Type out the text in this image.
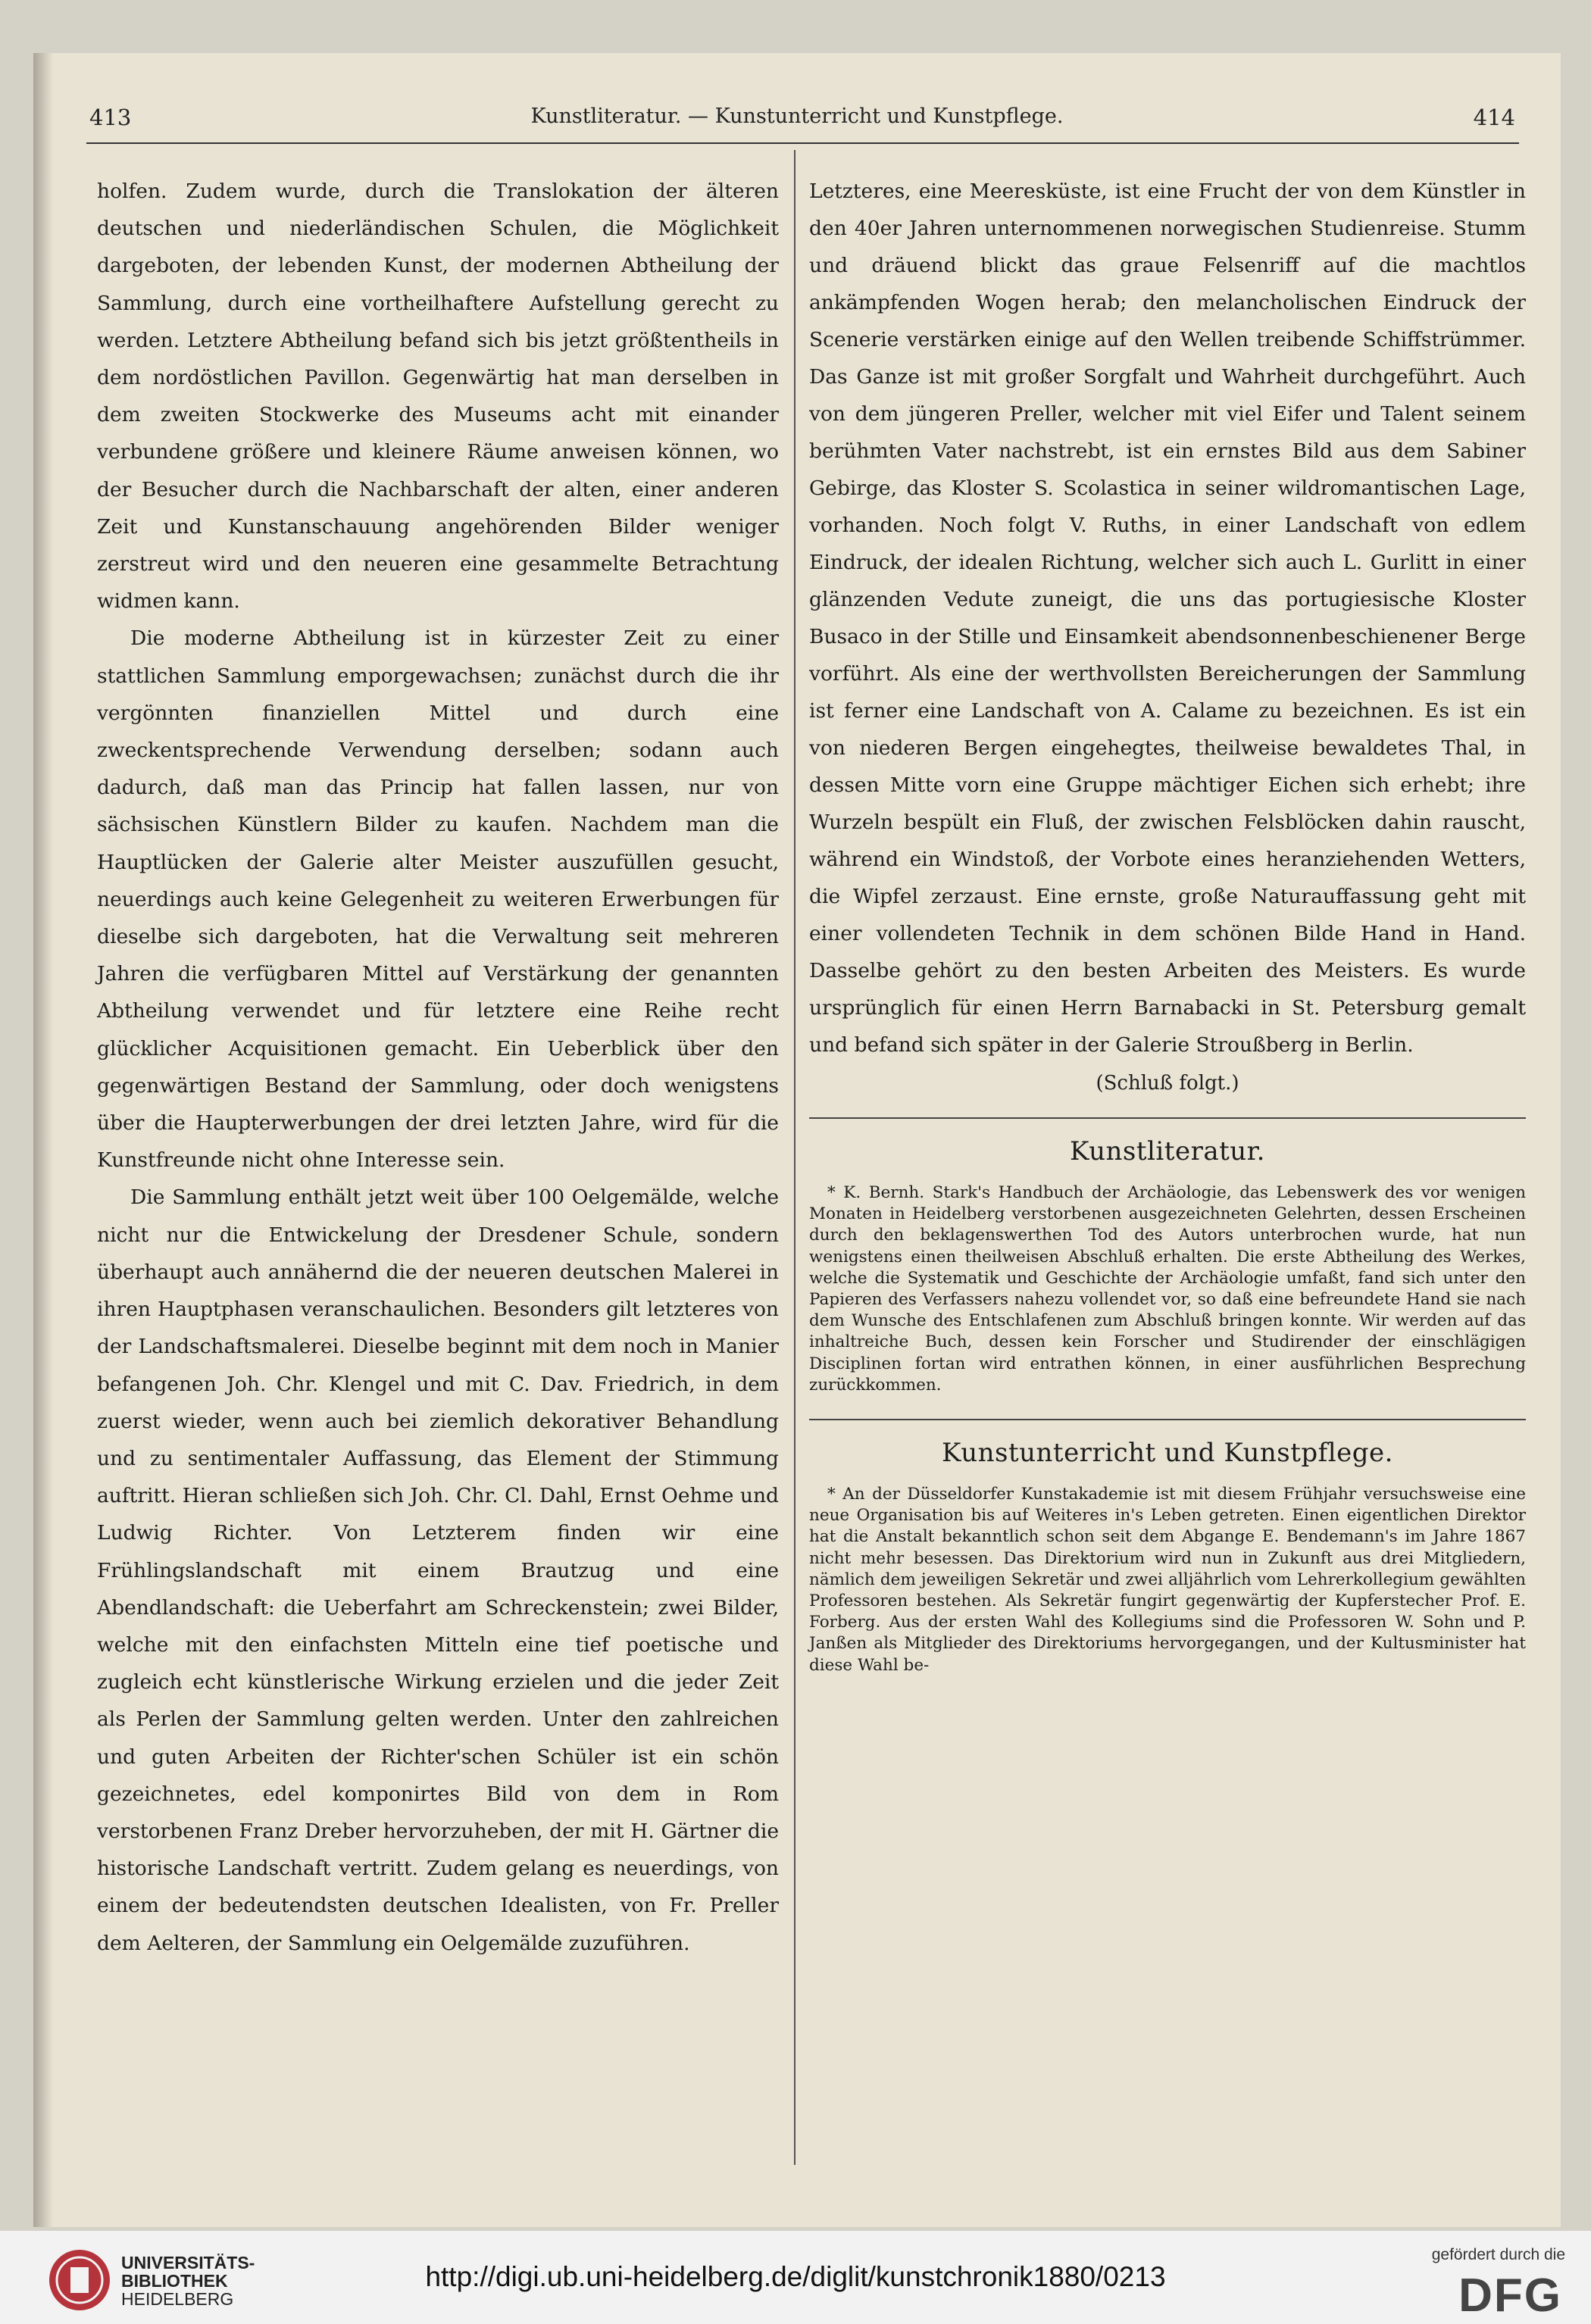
413	Kunstliteratur. — Kunstunterricht und Kunstpflege.	414

holfen. Zudem wurde, durch die Translokation der älteren deutschen und niederländischen Schulen, die Möglichkeit dargeboten, der lebenden Kunst, der modernen Abtheilung der Sammlung, durch eine vortheilhaftere Aufstellung gerecht zu werden. Letztere Abtheilung befand sich bis jetzt größtentheils in dem nordöstlichen Pavillon. Gegenwärtig hat man derselben in dem zweiten Stockwerke des Museums acht mit einander verbundene größere und kleinere Räume anweisen können, wo der Besucher durch die Nachbarschaft der alten, einer anderen Zeit und Kunstanschauung angehörenden Bilder weniger zerstreut wird und den neueren eine gesammelte Betrachtung widmen kann.

Die moderne Abtheilung ist in kürzester Zeit zu einer stattlichen Sammlung emporgewachsen; zunächst durch die ihr vergönnten finanziellen Mittel und durch eine zweckentsprechende Verwendung derselben; sodann auch dadurch, daß man das Princip hat fallen lassen, nur von sächsischen Künstlern Bilder zu kaufen. Nachdem man die Hauptlücken der Galerie alter Meister auszufüllen gesucht, neuerdings auch keine Gelegenheit zu weiteren Erwerbungen für dieselbe sich dargeboten, hat die Verwaltung seit mehreren Jahren die verfügbaren Mittel auf Verstärkung der genannten Abtheilung verwendet und für letztere eine Reihe recht glücklicher Acquisitionen gemacht. Ein Ueberblick über den gegenwärtigen Bestand der Sammlung, oder doch wenigstens über die Haupterwerbungen der drei letzten Jahre, wird für die Kunstfreunde nicht ohne Interesse sein.

Die Sammlung enthält jetzt weit über 100 Oelgemälde, welche nicht nur die Entwickelung der Dresdener Schule, sondern überhaupt auch annähernd die der neueren deutschen Malerei in ihren Hauptphasen veranschaulichen. Besonders gilt letzteres von der Landschaftsmalerei. Dieselbe beginnt mit dem noch in Manier befangenen Joh. Chr. Klengel und mit C. Dav. Friedrich, in dem zuerst wieder, wenn auch bei ziemlich dekorativer Behandlung und zu sentimentaler Auffassung, das Element der Stimmung auftritt. Hieran schließen sich Joh. Chr. Cl. Dahl, Ernst Oehme und Ludwig Richter. Von Letzterem finden wir eine Frühlingslandschaft mit einem Brautzug und eine Abendlandschaft: die Ueberfahrt am Schreckenstein; zwei Bilder, welche mit den einfachsten Mitteln eine tief poetische und zugleich echt künstlerische Wirkung erzielen und die jeder Zeit als Perlen der Sammlung gelten werden. Unter den zahlreichen und guten Arbeiten der Richter'schen Schüler ist ein schön gezeichnetes, edel komponirtes Bild von dem in Rom verstorbenen Franz Dreber hervorzuheben, der mit H. Gärtner die historische Landschaft vertritt. Zudem gelang es neuerdings, von einem der bedeutendsten deutschen Idealisten, von Fr. Preller dem Aelteren, der Sammlung ein Oelgemälde zuzuführen.

Letzteres, eine Meeresküste, ist eine Frucht der von dem Künstler in den 40er Jahren unternommenen norwegischen Studienreise. Stumm und dräuend blickt das graue Felsenriff auf die machtlos ankämpfenden Wogen herab; den melancholischen Eindruck der Scenerie verstärken einige auf den Wellen treibende Schiffstrümmer. Das Ganze ist mit großer Sorgfalt und Wahrheit durchgeführt. Auch von dem jüngeren Preller, welcher mit viel Eifer und Talent seinem berühmten Vater nachstrebt, ist ein ernstes Bild aus dem Sabiner Gebirge, das Kloster S. Scolastica in seiner wildromantischen Lage, vorhanden. Noch folgt V. Ruths, in einer Landschaft von edlem Eindruck, der idealen Richtung, welcher sich auch L. Gurlitt in einer glänzenden Vedute zuneigt, die uns das portugiesische Kloster Busaco in der Stille und Einsamkeit abendsonnenbeschienener Berge vorführt. Als eine der werthvollsten Bereicherungen der Sammlung ist ferner eine Landschaft von A. Calame zu bezeichnen. Es ist ein von niederen Bergen eingehegtes, theilweise bewaldetes Thal, in dessen Mitte vorn eine Gruppe mächtiger Eichen sich erhebt; ihre Wurzeln bespült ein Fluß, der zwischen Felsblöcken dahin rauscht, während ein Windstoß, der Vorbote eines heranziehenden Wetters, die Wipfel zerzaust. Eine ernste, große Naturauffassung geht mit einer vollendeten Technik in dem schönen Bilde Hand in Hand. Dasselbe gehört zu den besten Arbeiten des Meisters. Es wurde ursprünglich für einen Herrn Barnabacki in St. Petersburg gemalt und befand sich später in der Galerie Stroußberg in Berlin.

(Schluß folgt.)
Kunstliteratur.

* K. Bernh. Stark's Handbuch der Archäologie, das Lebenswerk des vor wenigen Monaten in Heidelberg verstorbenen ausgezeichneten Gelehrten, dessen Erscheinen durch den beklagenswerthen Tod des Autors unterbrochen wurde, hat nun wenigstens einen theilweisen Abschluß erhalten. Die erste Abtheilung des Werkes, welche die Systematik und Geschichte der Archäologie umfaßt, fand sich unter den Papieren des Verfassers nahezu vollendet vor, so daß eine befreundete Hand sie nach dem Wunsche des Entschlafenen zum Abschluß bringen konnte. Wir werden auf das inhaltreiche Buch, dessen kein Forscher und Studirender der einschlägigen Disciplinen fortan wird entrathen können, in einer ausführlichen Besprechung zurückkommen.

Kunstunterricht und Kunstpflege.

* An der Düsseldorfer Kunstakademie ist mit diesem Frühjahr versuchsweise eine neue Organisation bis auf Weiteres in's Leben getreten. Einen eigentlichen Direktor hat die Anstalt bekanntlich schon seit dem Abgange E. Bendemann's im Jahre 1867 nicht mehr besessen. Das Direktorium wird nun in Zukunft aus drei Mitgliedern, nämlich dem jeweiligen Sekretär und zwei alljährlich vom Lehrerkollegium gewählten Professoren bestehen. Als Sekretär fungirt gegenwärtig der Kupferstecher Prof. E. Forberg. Aus der ersten Wahl des Kollegiums sind die Professoren W. Sohn und P. Janßen als Mitglieder des Direktoriums hervorgegangen, und der Kultusminister hat diese Wahl be-

UNIVERSITÄTS-
BIBLIOTHEK
HEIDELBERG
http://digi.ub.uni-heidelberg.de/diglit/kunstchronik1880/0213
gefördert durch die
DFG
